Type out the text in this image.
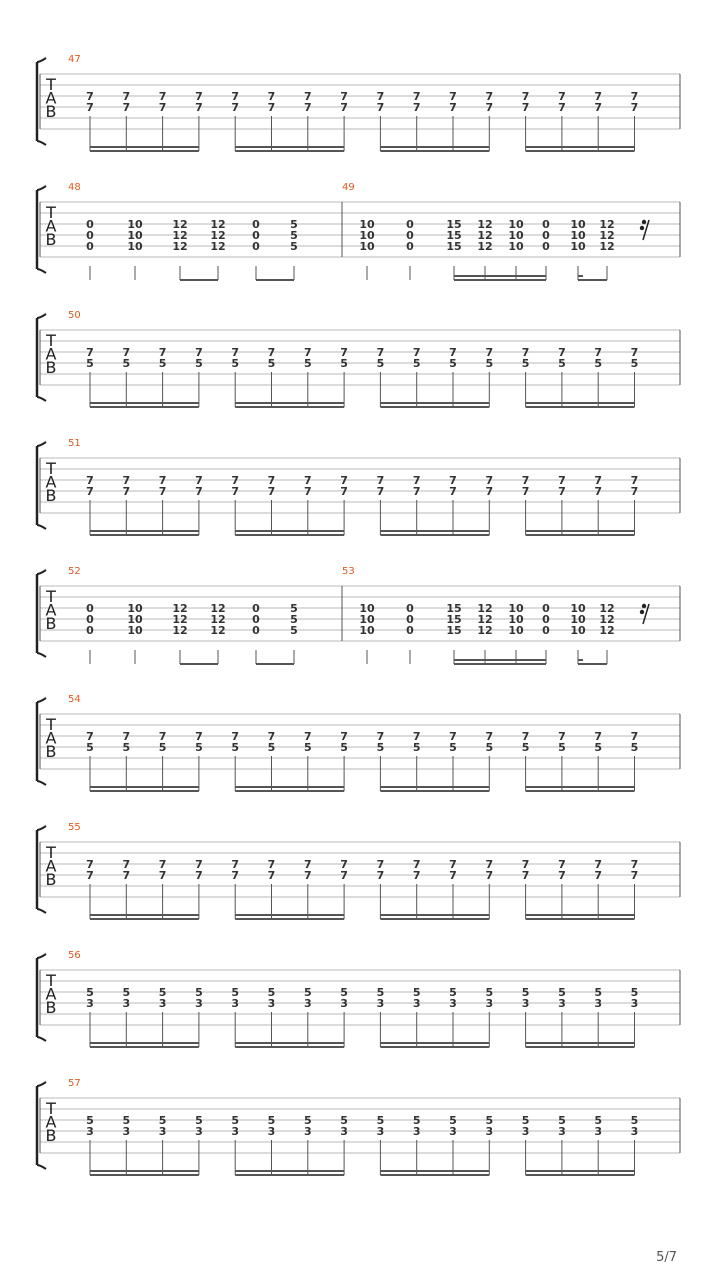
T
A
B
47
7
7
7
7
7
7
7
7
7
7
7
7
7
7
7
7
7
7
7
7
7
7
7
7
7
7
7
7
7
7
7
7
T
A
B
48
0
0
0
10
10
10
12
12
12
12
12
12
0
0
0
5
5
5
49
10
10
10
0
0
0
15
15
15
12
12
12
10
10
10
0
0
0
10
10
10
12
12
12
T
A
B
50
7
5
7
5
7
5
7
5
7
5
7
5
7
5
7
5
7
5
7
5
7
5
7
5
7
5
7
5
7
5
7
5
T
A
B
51
7
7
7
7
7
7
7
7
7
7
7
7
7
7
7
7
7
7
7
7
7
7
7
7
7
7
7
7
7
7
7
7
T
A
B
52
0
0
0
10
10
10
12
12
12
12
12
12
0
0
0
5
5
5
53
10
10
10
0
0
0
15
15
15
12
12
12
10
10
10
0
0
0
10
10
10
12
12
12
T
A
B
54
7
5
7
5
7
5
7
5
7
5
7
5
7
5
7
5
7
5
7
5
7
5
7
5
7
5
7
5
7
5
7
5
T
A
B
55
7
7
7
7
7
7
7
7
7
7
7
7
7
7
7
7
7
7
7
7
7
7
7
7
7
7
7
7
7
7
7
7
T
A
B
56
5
3
5
3
5
3
5
3
5
3
5
3
5
3
5
3
5
3
5
3
5
3
5
3
5
3
5
3
5
3
5
3
T
A
B
57
5
3
5
3
5
3
5
3
5
3
5
3
5
3
5
3
5
3
5
3
5
3
5
3
5
3
5
3
5
3
5
3
5/7
